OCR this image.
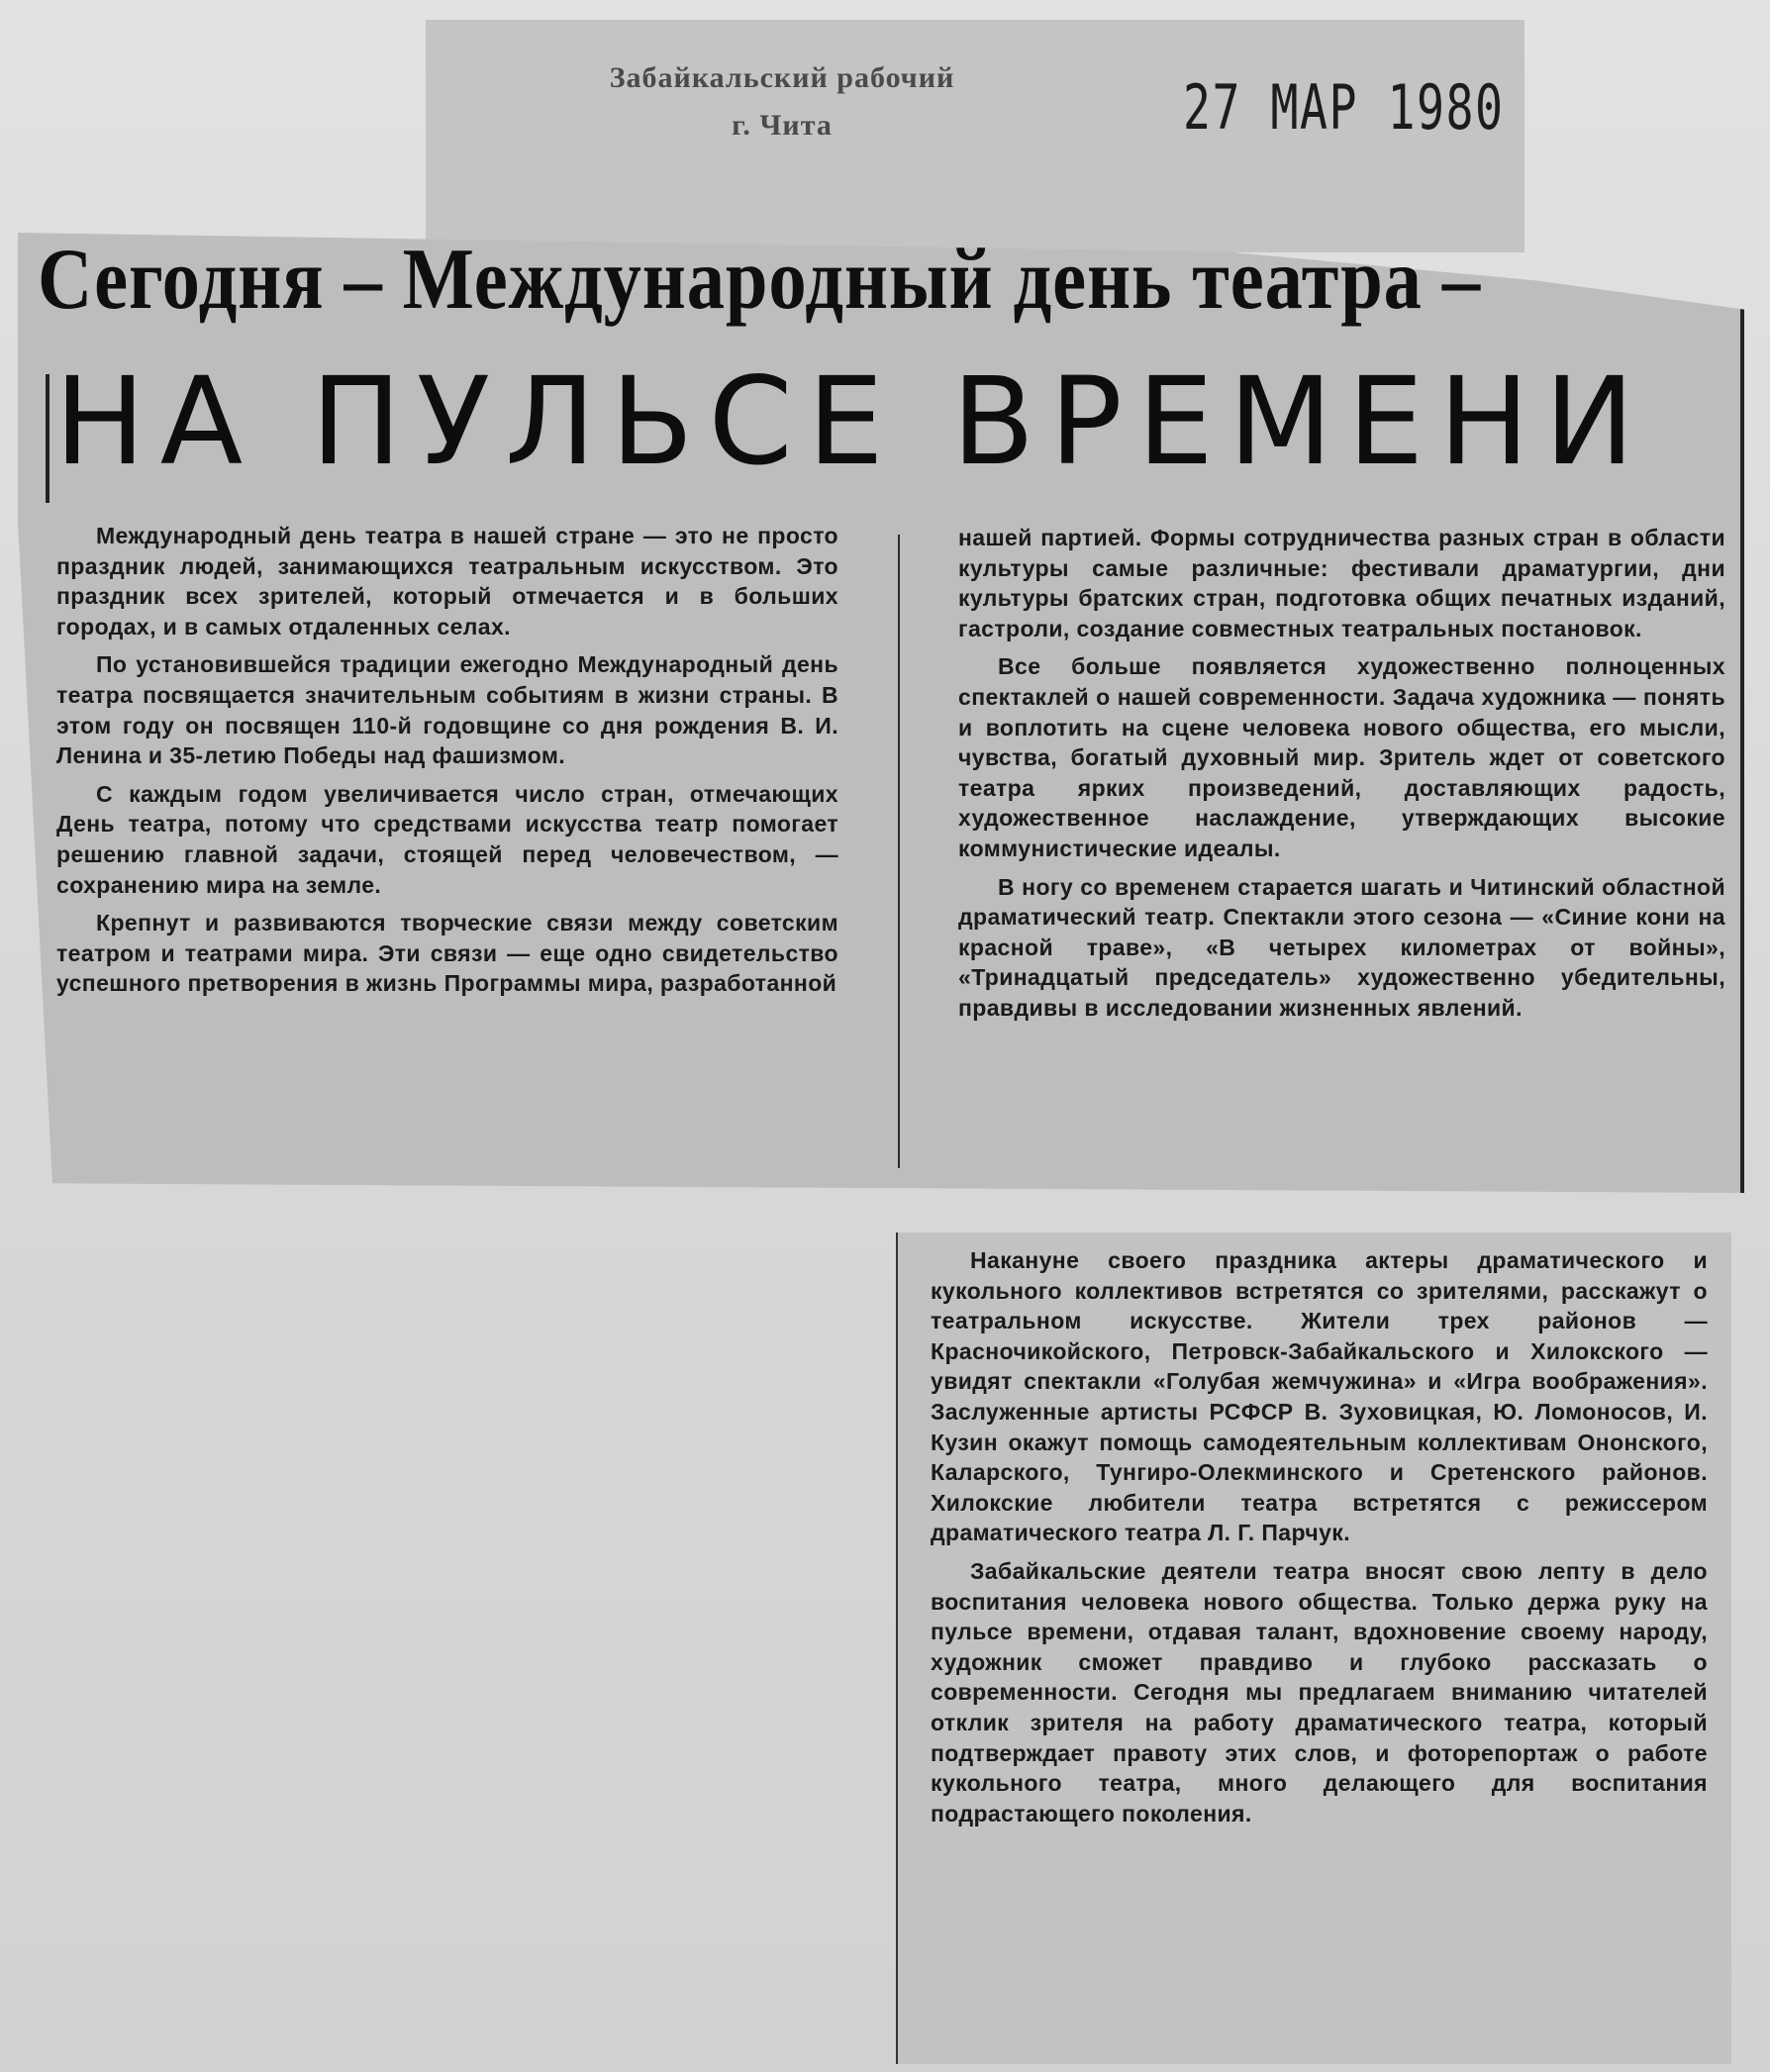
Забайкальский рабочий
г. Чита	27 МАР 1980
Сегодня – Международный день театра –
НА ПУЛЬСЕ ВРЕМЕНИ

Международный день театра в нашей стране — это не просто праздник людей, занимающихся театральным искусством. Это праздник всех зрителей, который отмечается и в больших городах, и в самых отдаленных селах.

По установившейся традиции ежегодно Международный день театра посвящается значительным событиям в жизни страны. В этом году он посвящен 110-й годовщине со дня рождения В. И. Ленина и 35-летию Победы над фашизмом.

С каждым годом увеличивается число стран, отмечающих День театра, потому что средствами искусства театр помогает решению главной задачи, стоящей перед человечеством, — сохранению мира на земле.

Крепнут и развиваются творческие связи между советским театром и театрами мира. Эти связи — еще одно свидетельство успешного претворения в жизнь Программы мира, разработанной

нашей партией. Формы сотрудничества разных стран в области культуры самые различные: фестивали драматургии, дни культуры братских стран, подготовка общих печатных изданий, гастроли, создание совместных театральных постановок.

Все больше появляется художественно полноценных спектаклей о нашей современности. Задача художника — понять и воплотить на сцене человека нового общества, его мысли, чувства, богатый духовный мир. Зритель ждет от советского театра ярких произведений, доставляющих радость, художественное наслаждение, утверждающих высокие коммунистические идеалы.

В ногу со временем старается шагать и Читинский областной драматический театр. Спектакли этого сезона — «Синие кони на красной траве», «В четырех километрах от войны», «Тринадцатый председатель» художественно убедительны, правдивы в исследовании жизненных явлений.

Накануне своего праздника актеры драматического и кукольного коллективов встретятся со зрителями, расскажут о театральном искусстве. Жители трех районов — Красночикойского, Петровск-Забайкальского и Хилокского — увидят спектакли «Голубая жемчужина» и «Игра воображения». Заслуженные артисты РСФСР В. Зуховицкая, Ю. Ломоносов, И. Кузин окажут помощь самодеятельным коллективам Ононского, Каларского, Тунгиро-Олекминского и Сретенского районов. Хилокские любители театра встретятся с режиссером драматического театра Л. Г. Парчук.

Забайкальские деятели театра вносят свою лепту в дело воспитания человека нового общества. Только держа руку на пульсе времени, отдавая талант, вдохновение своему народу, художник сможет правдиво и глубоко рассказать о современности. Сегодня мы предлагаем вниманию читателей отклик зрителя на работу драматического театра, который подтверждает правоту этих слов, и фоторепортаж о работе кукольного театра, много делающего для воспитания подрастающего поколения.
